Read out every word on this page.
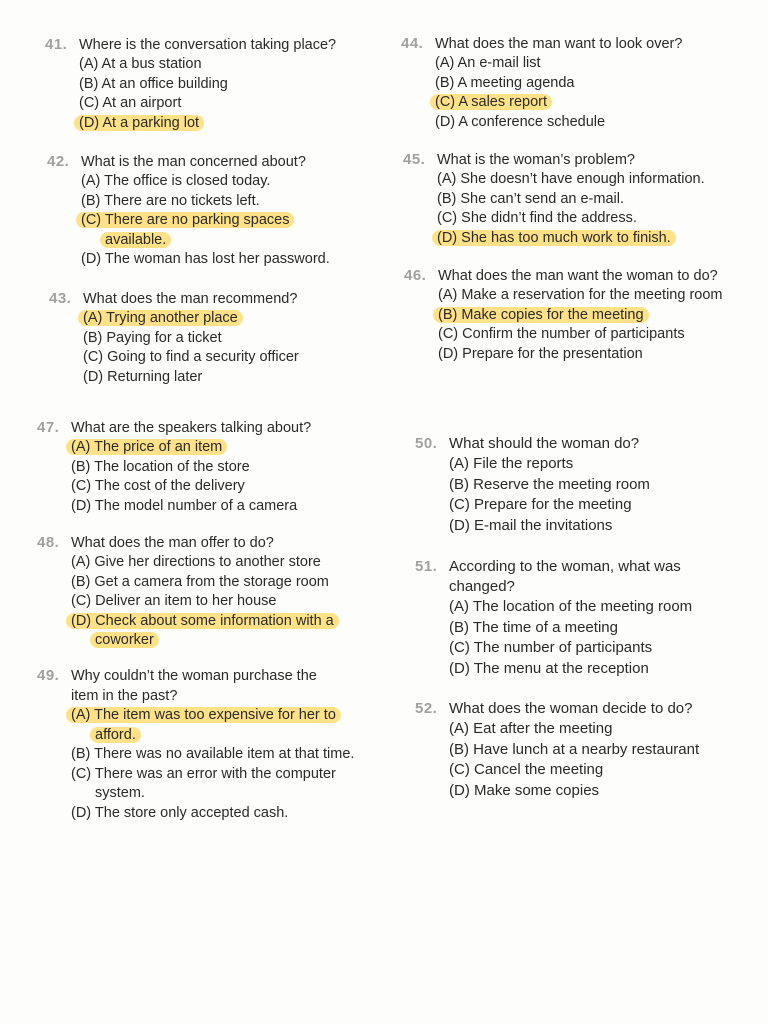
41. Where is the conversation taking place?
(A) At a bus station
(B) At an office building
(C) At an airport
(D) At a parking lot
42. What is the man concerned about?
(A) The office is closed today.
(B) There are no tickets left.
(C) There are no parking spaces available.
(D) The woman has lost her password.
43. What does the man recommend?
(A) Trying another place
(B) Paying for a ticket
(C) Going to find a security officer
(D) Returning later
44. What does the man want to look over?
(A) An e-mail list
(B) A meeting agenda
(C) A sales report
(D) A conference schedule
45. What is the woman’s problem?
(A) She doesn’t have enough information.
(B) She can’t send an e-mail.
(C) She didn’t find the address.
(D) She has too much work to finish.
46. What does the man want the woman to do?
(A) Make a reservation for the meeting room
(B) Make copies for the meeting
(C) Confirm the number of participants
(D) Prepare for the presentation
47. What are the speakers talking about?
(A) The price of an item
(B) The location of the store
(C) The cost of the delivery
(D) The model number of a camera
48. What does the man offer to do?
(A) Give her directions to another store
(B) Get a camera from the storage room
(C) Deliver an item to her house
(D) Check about some information with a coworker
49. Why couldn’t the woman purchase the item in the past?
(A) The item was too expensive for her to afford.
(B) There was no available item at that time.
(C) There was an error with the computer system.
(D) The store only accepted cash.
50. What should the woman do?
(A) File the reports
(B) Reserve the meeting room
(C) Prepare for the meeting
(D) E-mail the invitations
51. According to the woman, what was changed?
(A) The location of the meeting room
(B) The time of a meeting
(C) The number of participants
(D) The menu at the reception
52. What does the woman decide to do?
(A) Eat after the meeting
(B) Have lunch at a nearby restaurant
(C) Cancel the meeting
(D) Make some copies
